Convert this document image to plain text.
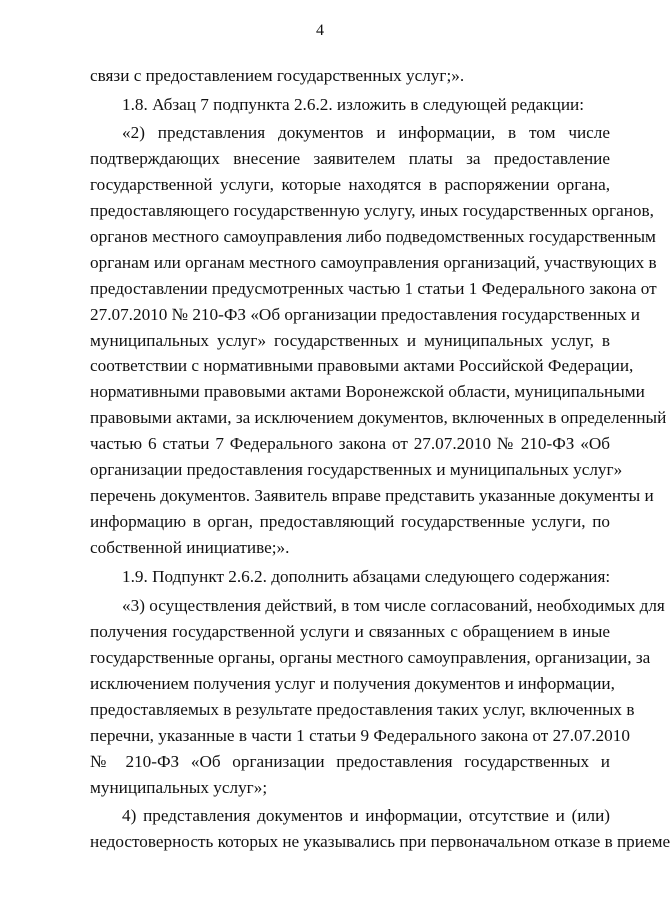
4
связи с предоставлением государственных услуг;».
1.8. Абзац 7 подпункта 2.6.2. изложить в следующей редакции:
«2) представления документов и информации, в том числе
подтверждающих внесение заявителем платы за предоставление
государственной услуги, которые находятся в распоряжении органа,
предоставляющего государственную услугу, иных государственных органов,
органов местного самоуправления либо подведомственных государственным
органам или органам местного самоуправления организаций, участвующих в
предоставлении предусмотренных частью 1 статьи 1 Федерального закона от
27.07.2010 № 210-ФЗ «Об организации предоставления государственных и
муниципальных услуг» государственных и муниципальных услуг, в
соответствии с нормативными правовыми актами Российской Федерации,
нормативными правовыми актами Воронежской области, муниципальными
правовыми актами, за исключением документов, включенных в определенный
частью 6 статьи 7 Федерального закона от 27.07.2010 № 210-ФЗ «Об
организации предоставления государственных и муниципальных услуг»
перечень документов. Заявитель вправе представить указанные документы и
информацию в орган, предоставляющий государственные услуги, по
собственной инициативе;».
1.9. Подпункт 2.6.2. дополнить абзацами следующего содержания:
«3) осуществления действий, в том числе согласований, необходимых для
получения государственной услуги и связанных с обращением в иные
государственные органы, органы местного самоуправления, организации, за
исключением получения услуг и получения документов и информации,
предоставляемых в результате предоставления таких услуг, включенных в
перечни, указанные в части 1 статьи 9 Федерального закона от 27.07.2010
№ 210-ФЗ «Об организации предоставления государственных и
муниципальных услуг»;
4) представления документов и информации, отсутствие и (или)
недостоверность которых не указывались при первоначальном отказе в приеме
